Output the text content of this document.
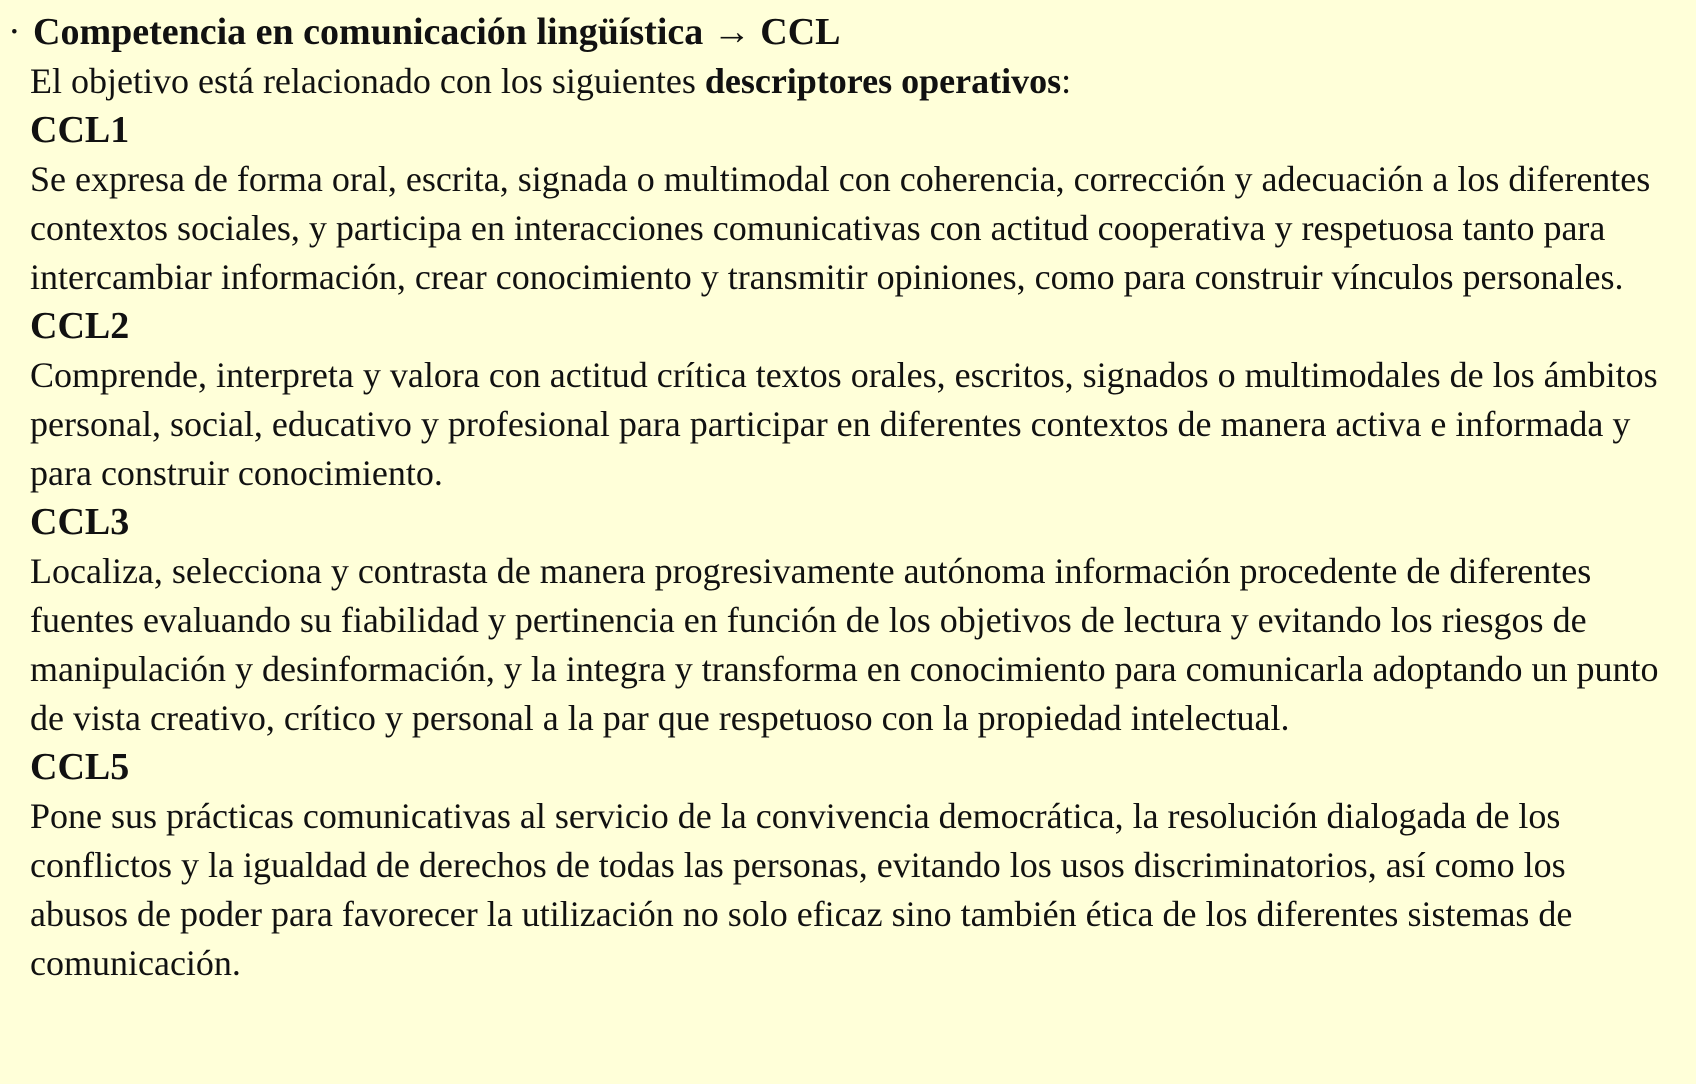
· Competencia en comunicación lingüística → CCL
El objetivo está relacionado con los siguientes descriptores operativos:
CCL1

Se expresa de forma oral, escrita, signada o multimodal con coherencia, corrección y adecuación a los diferentes contextos sociales, y participa en interacciones comunicativas con actitud cooperativa y respetuosa tanto para intercambiar información, crear conocimiento y transmitir opiniones, como para construir vínculos personales.

CCL2

Comprende, interpreta y valora con actitud crítica textos orales, escritos, signados o multimodales de los ámbitos personal, social, educativo y profesional para participar en diferentes contextos de manera activa e informada y para construir conocimiento.

CCL3

Localiza, selecciona y contrasta de manera progresivamente autónoma información procedente de diferentes fuentes evaluando su fiabilidad y pertinencia en función de los objetivos de lectura y evitando los riesgos de manipulación y desinformación, y la integra y transforma en conocimiento para comunicarla adoptando un punto de vista creativo, crítico y personal a la par que respetuoso con la propiedad intelectual.

CCL5

Pone sus prácticas comunicativas al servicio de la convivencia democrática, la resolución dialogada de los conflictos y la igualdad de derechos de todas las personas, evitando los usos discriminatorios, así como los abusos de poder para favorecer la utilización no solo eficaz sino también ética de los diferentes sistemas de comunicación.
